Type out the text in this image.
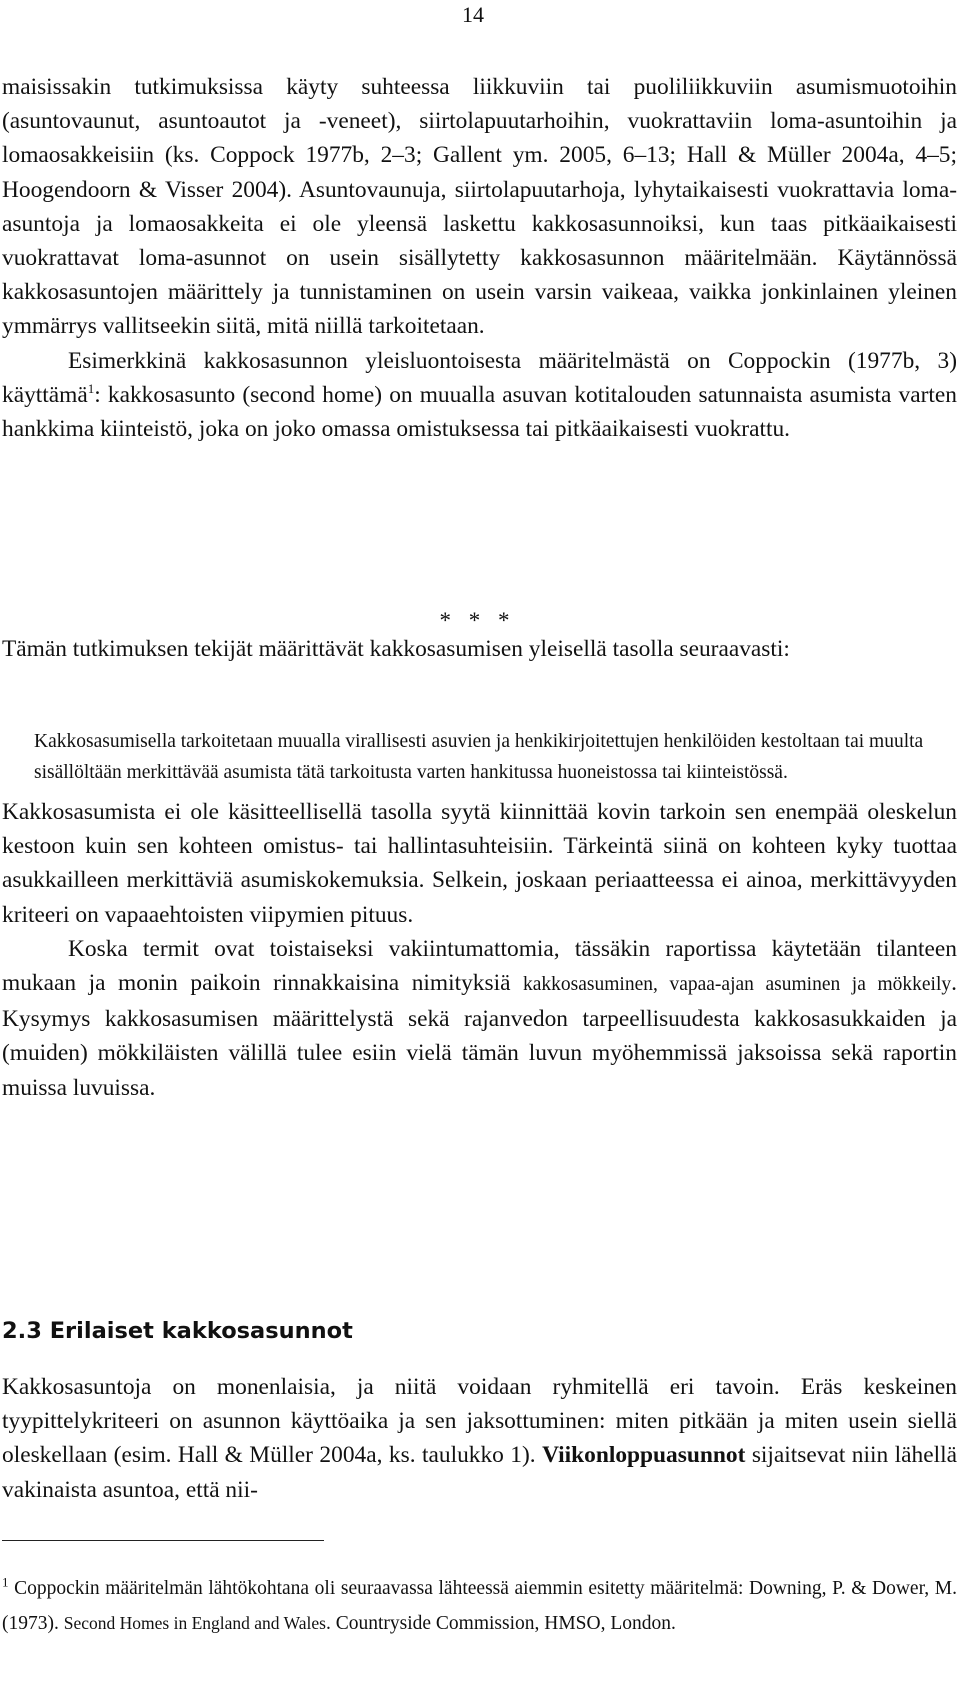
14

maisissakin tutkimuksissa käyty suhteessa liikkuviin tai puoliliikkuviin asumismuotoihin (asuntovaunut, asuntoautot ja -veneet), siirtolapuutarhoihin, vuokrattaviin loma-asuntoihin ja lomaosakkeisiin (ks. Coppock 1977b, 2–3; Gallent ym. 2005, 6–13; Hall & Müller 2004a, 4–5; Hoogendoorn & Visser 2004). Asuntovaunuja, siirtolapuutarhoja, lyhytaikaisesti vuokrattavia loma-asuntoja ja lomaosakkeita ei ole yleensä laskettu kakkosasunnoiksi, kun taas pitkäaikaisesti vuokrattavat loma-asunnot on usein sisällytetty kakkosasunnon määritelmään. Käytännössä kakkosasuntojen määrittely ja tunnistaminen on usein varsin vaikeaa, vaikka jonkinlainen yleinen ymmärrys vallitseekin siitä, mitä niillä tarkoitetaan.

Esimerkkinä kakkosasunnon yleisluontoisesta määritelmästä on Coppockin (1977b, 3) käyttämä$^1$: kakkosasunto (second home) on muualla asuvan kotitalouden satunnaista asumista varten hankkima kiinteistö, joka on joko omassa omistuksessa tai pitkäaikaisesti vuokrattu.

* * *

Tämän tutkimuksen tekijät määrittävät kakkosasumisen yleisellä tasolla seuraavasti:

Kakkosasumisella tarkoitetaan muualla virallisesti asuvien ja henkikirjoitettujen henkilöiden kestoltaan tai muulta sisällöltään merkittävää asumista tätä tarkoitusta varten hankitussa huoneistossa tai kiinteistössä.

Kakkosasumista ei ole käsitteellisellä tasolla syytä kiinnittää kovin tarkoin sen enempää oleskelun kestoon kuin sen kohteen omistus- tai hallintasuhteisiin. Tärkeintä siinä on kohteen kyky tuottaa asukkailleen merkittäviä asumiskokemuksia. Selkein, joskaan periaatteessa ei ainoa, merkittävyyden kriteeri on vapaaehtoisten viipymien pituus.

Koska termit ovat toistaiseksi vakiintumattomia, tässäkin raportissa käytetään tilanteen mukaan ja monin paikoin rinnakkaisina nimityksiä kakkosasuminen, vapaa-ajan asuminen ja mökkeily. Kysymys kakkosasumisen määrittelystä sekä rajanvedon tarpeellisuudesta kakkosasukkaiden ja (muiden) mökkiläisten välillä tulee esiin vielä tämän luvun myöhemmissä jaksoissa sekä raportin muissa luvuissa.

2.3 Erilaiset kakkosasunnot

Kakkosasuntoja on monenlaisia, ja niitä voidaan ryhmitellä eri tavoin. Eräs keskeinen tyypittelykriteeri on asunnon käyttöaika ja sen jaksottuminen: miten pitkään ja miten usein siellä oleskellaan (esim. Hall & Müller 2004a, ks. taulukko 1). Viikonloppuasunnot sijaitsevat niin lähellä vakinaista asuntoa, että nii-

$^1$ Coppockin määritelmän lähtökohtana oli seuraavassa lähteessä aiemmin esitetty määritelmä: Downing, P. & Dower, M. (1973). Second Homes in England and Wales. Countryside Commission, HMSO, London.
